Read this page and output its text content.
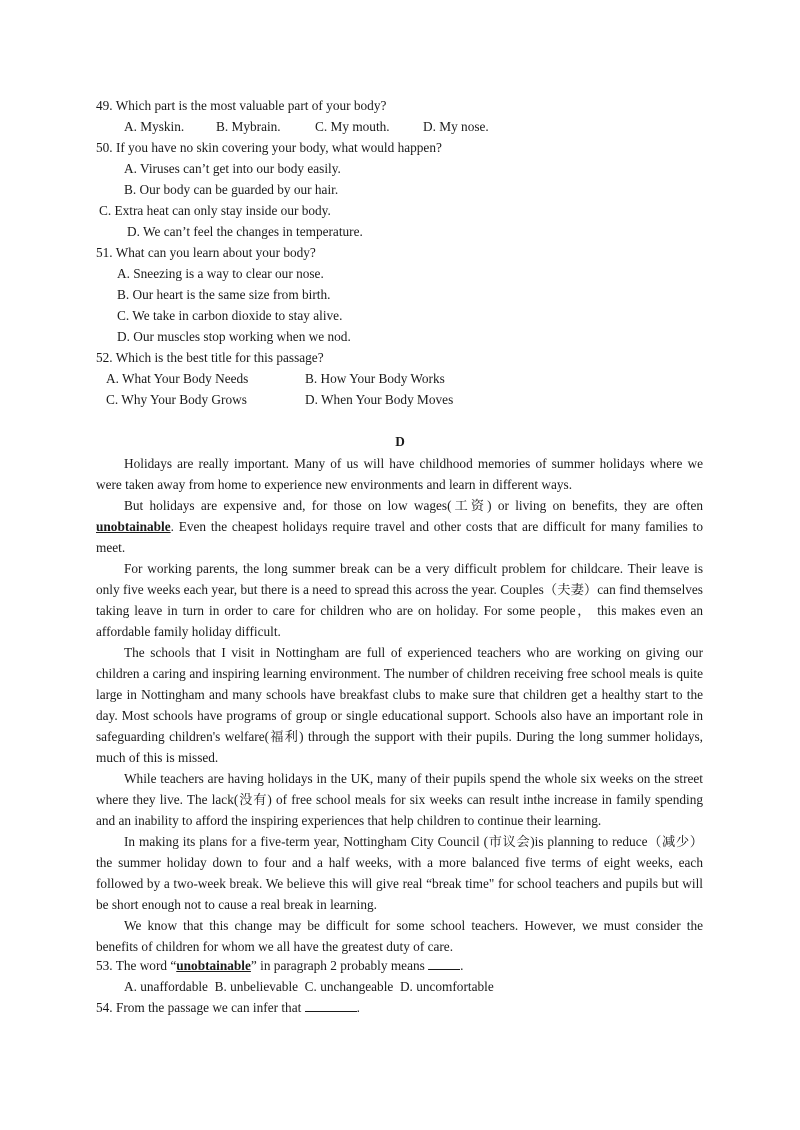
49. Which part is the most valuable part of your body?

A. Myskin.

B. Mybrain.

	C. My mouth.

	D. My nose.

50. If you have no skin covering your body, what would happen?
A. Viruses can’t get into our body easily.
B. Our body can be guarded by our hair.
C. Extra heat can only stay inside our body.
D. We can’t feel the changes in temperature.
51. What can you learn about your body?
A. Sneezing is a way to clear our nose.
B. Our heart is the same size from birth.
C. We take in carbon dioxide to stay alive.
D. Our muscles stop working when we nod.
52. Which is the best title for this passage?

A. What Your Body Needs

	B. How Your Body Works

C. Why Your Body Grows

	D. When Your Body Moves

D
Holidays are really important. Many of us will have childhood memories of summer holidays where we were taken away from home to experience new environments and learn in different ways.
But holidays are expensive and, for those on low wages(工资) or living on benefits, they are often unobtainable. Even the cheapest holidays require travel and other costs that are difficult for many families to meet.
For working parents, the long summer break can be a very difficult problem for childcare. Their leave is only five weeks each year, but there is a need to spread this across the year. Couples（夫妻）can find themselves taking leave in turn in order to care for children who are on holiday. For some people， this makes even an affordable family holiday difficult.
The schools that I visit in Nottingham are full of experienced teachers who are working on giving our children a caring and inspiring learning environment. The number of children receiving free school meals is quite large in Nottingham and many schools have breakfast clubs to make sure that children get a healthy start to the day. Most schools have programs of group or single educational support. Schools also have an important role in safeguarding children's welfare(福利) through the support with their pupils. During the long summer holidays, much of this is missed.
While teachers are having holidays in the UK, many of their pupils spend the whole six weeks on the street where they live. The lack(没有) of free school meals for six weeks can result inthe increase in family spending and an inability to afford the inspiring experiences that help children to continue their learning.
In making its plans for a five-term year, Nottingham City Council (市议会)is planning to reduce（减少） the summer holiday down to four and a half weeks, with a more balanced five terms of eight weeks, each followed by a two-week break. We believe this will give real “break time" for school teachers and pupils but will be short enough not to cause a real break in learning.
We know that this change may be difficult for some school teachers. However, we must consider the benefits of children for whom we all have the greatest duty of care.
53. The word “unobtainable” in paragraph 2 probably means .
A. unaffordable  B. unbelievable  C. unchangeable  D. uncomfortable
54. From the passage we can infer that	.
